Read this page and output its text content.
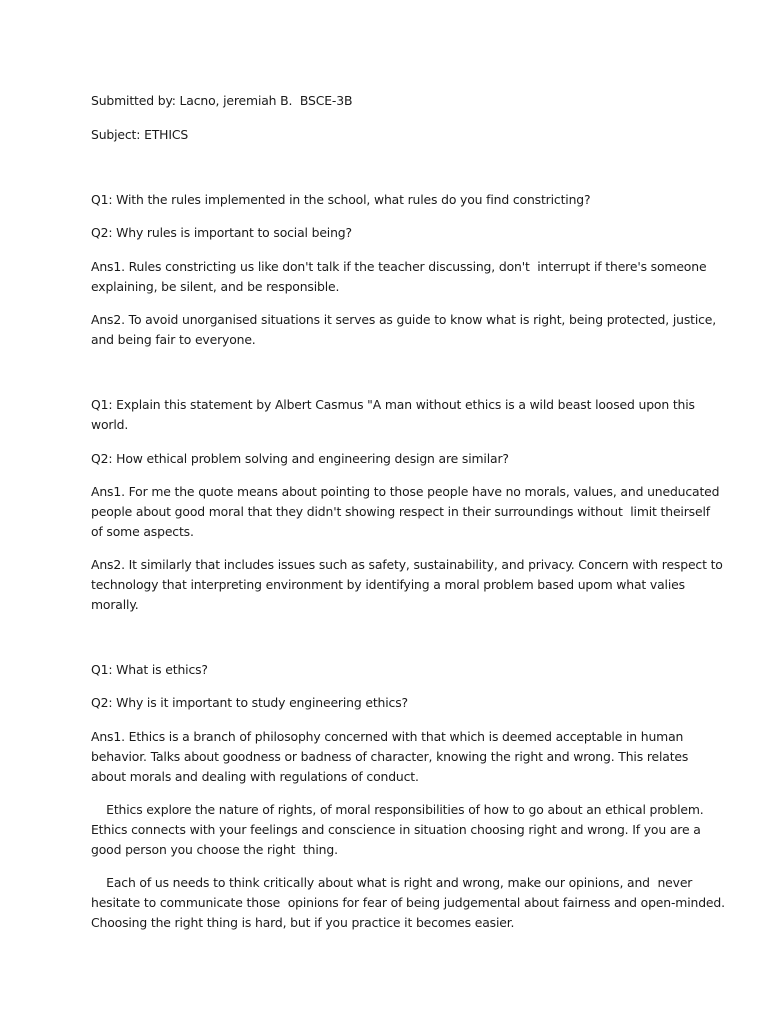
Submitted by: Lacno, jeremiah B.  BSCE-3B

Subject: ETHICS

Q1: With the rules implemented in the school, what rules do you find constricting?

Q2: Why rules is important to social being?

Ans1. Rules constricting us like don't talk if the teacher discussing, don't  interrupt if there's someone

explaining, be silent, and be responsible.

Ans2. To avoid unorganised situations it serves as guide to know what is right, being protected, justice,

and being fair to everyone.

Q1: Explain this statement by Albert Casmus "A man without ethics is a wild beast loosed upon this

world.

Q2: How ethical problem solving and engineering design are similar?

Ans1. For me the quote means about pointing to those people have no morals, values, and uneducated

people about good moral that they didn't showing respect in their surroundings without  limit theirself

of some aspects.

Ans2. It similarly that includes issues such as safety, sustainability, and privacy. Concern with respect to

technology that interpreting environment by identifying a moral problem based upom what valies

morally.

Q1: What is ethics?

Q2: Why is it important to study engineering ethics?

Ans1. Ethics is a branch of philosophy concerned with that which is deemed acceptable in human

behavior. Talks about goodness or badness of character, knowing the right and wrong. This relates

about morals and dealing with regulations of conduct.

Ethics explore the nature of rights, of moral responsibilities of how to go about an ethical problem.

Ethics connects with your feelings and conscience in situation choosing right and wrong. If you are a

good person you choose the right  thing.

Each of us needs to think critically about what is right and wrong, make our opinions, and  never

hesitate to communicate those  opinions for fear of being judgemental about fairness and open-minded.

Choosing the right thing is hard, but if you practice it becomes easier.
